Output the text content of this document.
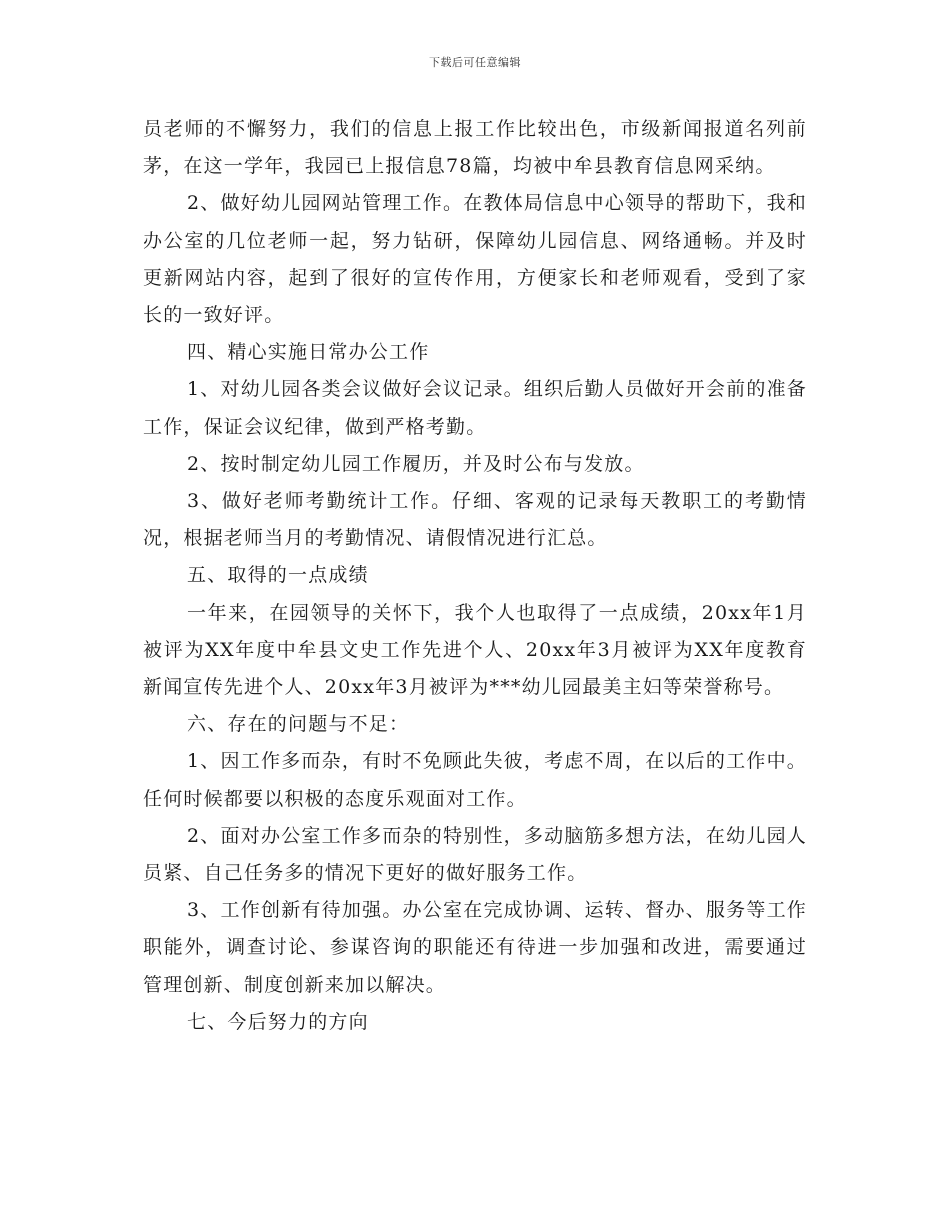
下载后可任意编辑

员老师的不懈努力，我们的信息上报工作比较出色，市级新闻报道名列前茅，在这一学年，我园已上报信息78篇，均被中牟县教育信息网采纳。

2、做好幼儿园网站管理工作。在教体局信息中心领导的帮助下，我和办公室的几位老师一起，努力钻研，保障幼儿园信息、网络通畅。并及时更新网站内容，起到了很好的宣传作用，方便家长和老师观看，受到了家长的一致好评。

四、精心实施日常办公工作

1、对幼儿园各类会议做好会议记录。组织后勤人员做好开会前的准备工作，保证会议纪律，做到严格考勤。

2、按时制定幼儿园工作履历，并及时公布与发放。

3、做好老师考勤统计工作。仔细、客观的记录每天教职工的考勤情况，根据老师当月的考勤情况、请假情况进行汇总。

五、取得的一点成绩

一年来，在园领导的关怀下，我个人也取得了一点成绩，20xx年1月被评为XX年度中牟县文史工作先进个人、20xx年3月被评为XX年度教育新闻宣传先进个人、20xx年3月被评为***幼儿园最美主妇等荣誉称号。

六、存在的问题与不足：

1、因工作多而杂，有时不免顾此失彼，考虑不周，在以后的工作中。任何时候都要以积极的态度乐观面对工作。

2、面对办公室工作多而杂的特别性，多动脑筋多想方法，在幼儿园人员紧、自己任务多的情况下更好的做好服务工作。

3、工作创新有待加强。办公室在完成协调、运转、督办、服务等工作职能外，调查讨论、参谋咨询的职能还有待进一步加强和改进，需要通过管理创新、制度创新来加以解决。

七、今后努力的方向
